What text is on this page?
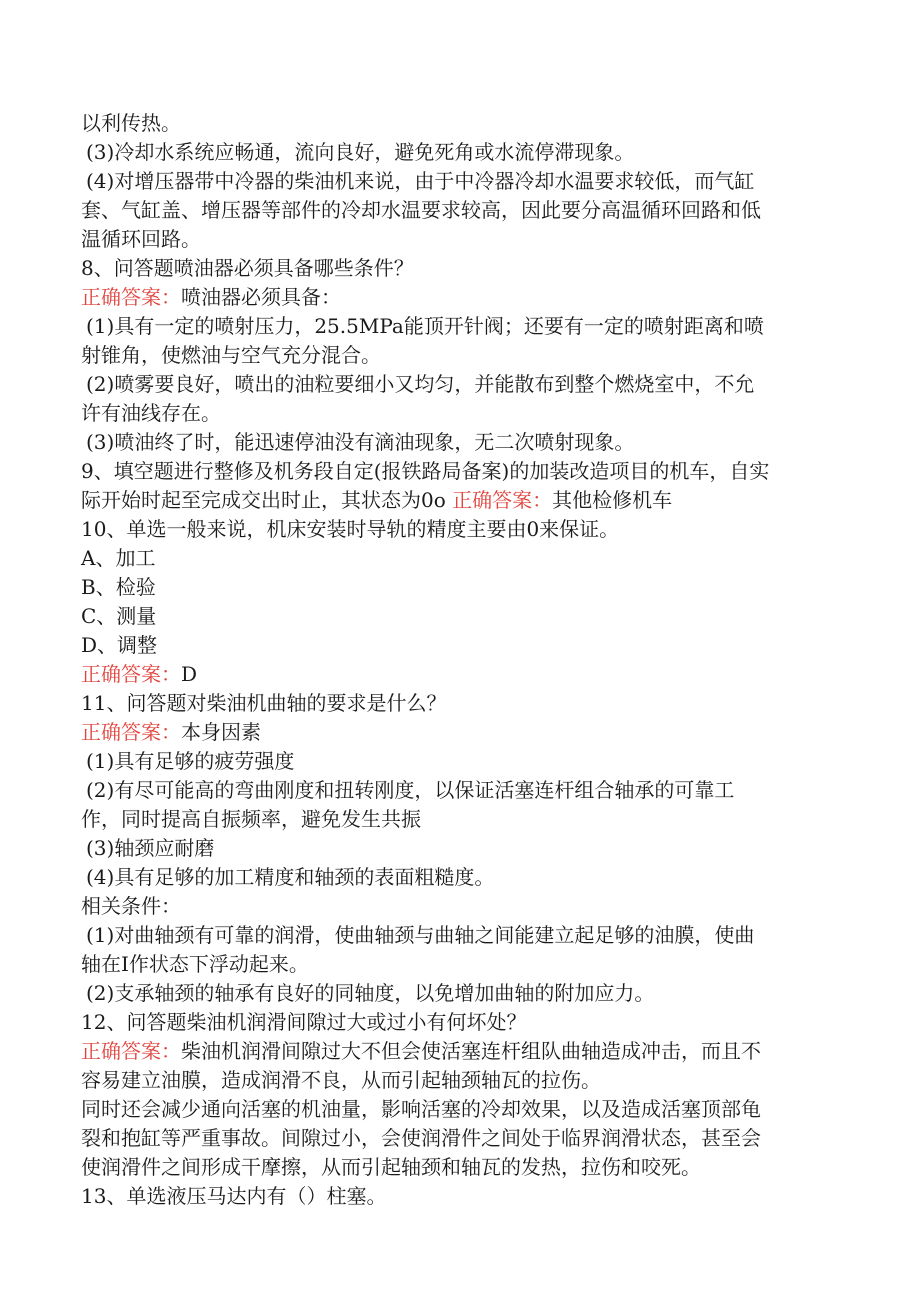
以利传热。
(3)冷却水系统应畅通，流向良好，避免死角或水流停滞现象。
(4)对增压器带中冷器的柴油机来说，由于中冷器冷却水温要求较低，而气缸
套、气缸盖、增压器等部件的冷却水温要求较高，因此要分高温循环回路和低
温循环回路。
8、问答题喷油器必须具备哪些条件？
正确答案：喷油器必须具备：
(1)具有一定的喷射压力，25.5MPa能顶开针阀；还要有一定的喷射距离和喷
射锥角，使燃油与空气充分混合。
(2)喷雾要良好，喷出的油粒要细小又均匀，并能散布到整个燃烧室中，不允
许有油线存在。
(3)喷油终了时，能迅速停油没有滴油现象，无二次喷射现象。
9、填空题进行整修及机务段自定(报铁路局备案)的加装改造项目的机车，自实
际开始时起至完成交出时止，其状态为0o 正确答案：其他检修机车
10、单选一般来说，机床安装时导轨的精度主要由0来保证。
A、加工
B、检验
C、测量
D、调整
正确答案：D
11、问答题对柴油机曲轴的要求是什么？
正确答案：本身因素
(1)具有足够的疲劳强度
(2)有尽可能高的弯曲刚度和扭转刚度，以保证活塞连杆组合轴承的可靠工
作，同时提高自振频率，避免发生共振
(3)轴颈应耐磨
(4)具有足够的加工精度和轴颈的表面粗糙度。
相关条件：
(1)对曲轴颈有可靠的润滑，使曲轴颈与曲轴之间能建立起足够的油膜，使曲
轴在I作状态下浮动起来。
(2)支承轴颈的轴承有良好的同轴度，以免增加曲轴的附加应力。
12、问答题柴油机润滑间隙过大或过小有何坏处？
正确答案：柴油机润滑间隙过大不但会使活塞连杆组队曲轴造成冲击，而且不
容易建立油膜，造成润滑不良，从而引起轴颈轴瓦的拉伤。
同时还会减少通向活塞的机油量，影响活塞的冷却效果，以及造成活塞顶部龟
裂和抱缸等严重事故。间隙过小，会使润滑件之间处于临界润滑状态，甚至会
使润滑件之间形成干摩擦，从而引起轴颈和轴瓦的发热，拉伤和咬死。
13、单选液压马达内有（）柱塞。
